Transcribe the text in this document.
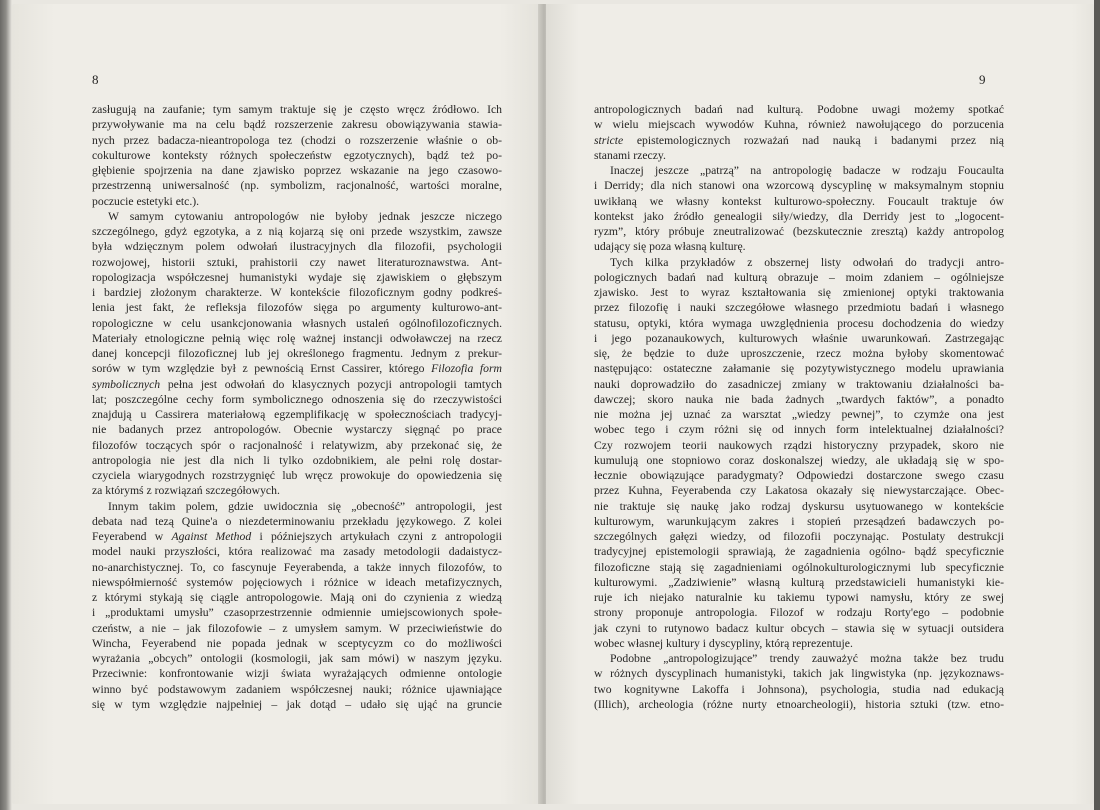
8
zasługują na zaufanie; tym samym traktuje się je często wręcz źródłowo. Ich
przywoływanie ma na celu bądź rozszerzenie zakresu obowiązywania stawia-
nych przez badacza-nieantropologa tez (chodzi o rozszerzenie właśnie o ob-
cokulturowe konteksty różnych społeczeństw egzotycznych), bądź też po-
głębienie spojrzenia na dane zjawisko poprzez wskazanie na jego czasowo-
przestrzenną uniwersalność (np. symbolizm, racjonalność, wartości moralne,
poczucie estetyki etc.).
W samym cytowaniu antropologów nie byłoby jednak jeszcze niczego
szczególnego, gdyż egzotyka, a z nią kojarzą się oni przede wszystkim, zawsze
była wdzięcznym polem odwołań ilustracyjnych dla filozofii, psychologii
rozwojowej, historii sztuki, prahistorii czy nawet literaturoznawstwa. Ant-
ropologizacja współczesnej humanistyki wydaje się zjawiskiem o głębszym
i bardziej złożonym charakterze. W kontekście filozoficznym godny podkreś-
lenia jest fakt, że refleksja filozofów sięga po argumenty kulturowo-ant-
ropologiczne w celu usankcjonowania własnych ustaleń ogólnofilozoficznych.
Materiały etnologiczne pełnią więc rolę ważnej instancji odwoławczej na rzecz
danej koncepcji filozoficznej lub jej określonego fragmentu. Jednym z prekur-
sorów w tym względzie był z pewnością Ernst Cassirer, którego Filozofia form
symbolicznych pełna jest odwołań do klasycznych pozycji antropologii tamtych
lat; poszczególne cechy form symbolicznego odnoszenia się do rzeczywistości
znajdują u Cassirera materiałową egzemplifikację w społecznościach tradycyj-
nie badanych przez antropologów. Obecnie wystarczy sięgnąć po prace
filozofów toczących spór o racjonalność i relatywizm, aby przekonać się, że
antropologia nie jest dla nich li tylko ozdobnikiem, ale pełni rolę dostar-
czyciela wiarygodnych rozstrzygnięć lub wręcz prowokuje do opowiedzenia się
za którymś z rozwiązań szczegółowych.
Innym takim polem, gdzie uwidocznia się „obecność” antropologii, jest
debata nad tezą Quine'a o niezdeterminowaniu przekładu językowego. Z kolei
Feyerabend w Against Method i późniejszych artykułach czyni z antropologii
model nauki przyszłości, która realizować ma zasady metodologii dadaistycz-
no-anarchistycznej. To, co fascynuje Feyerabenda, a także innych filozofów, to
niewspółmierność systemów pojęciowych i różnice w ideach metafizycznych,
z którymi stykają się ciągle antropologowie. Mają oni do czynienia z wiedzą
i „produktami umysłu” czasoprzestrzennie odmiennie umiejscowionych społe-
czeństw, a nie – jak filozofowie – z umysłem samym. W przeciwieństwie do
Wincha, Feyerabend nie popada jednak w sceptycyzm co do możliwości
wyrażania „obcych” ontologii (kosmologii, jak sam mówi) w naszym języku.
Przeciwnie: konfrontowanie wizji świata wyrażających odmienne ontologie
winno być podstawowym zadaniem współczesnej nauki; różnice ujawniające
się w tym względzie najpełniej – jak dotąd – udało się ująć na gruncie
9
antropologicznych badań nad kulturą. Podobne uwagi możemy spotkać
w wielu miejscach wywodów Kuhna, również nawołującego do porzucenia
stricte epistemologicznych rozważań nad nauką i badanymi przez nią
stanami rzeczy.
Inaczej jeszcze „patrzą” na antropologię badacze w rodzaju Foucaulta
i Derridy; dla nich stanowi ona wzorcową dyscyplinę w maksymalnym stopniu
uwikłaną we własny kontekst kulturowo-społeczny. Foucault traktuje ów
kontekst jako źródło genealogii siły/wiedzy, dla Derridy jest to „logocent-
ryzm”, który próbuje zneutralizować (bezskutecznie zresztą) każdy antropolog
udający się poza własną kulturę.
Tych kilka przykładów z obszernej listy odwołań do tradycji antro-
pologicznych badań nad kulturą obrazuje – moim zdaniem – ogólniejsze
zjawisko. Jest to wyraz kształtowania się zmienionej optyki traktowania
przez filozofię i nauki szczegółowe własnego przedmiotu badań i własnego
statusu, optyki, która wymaga uwzględnienia procesu dochodzenia do wiedzy
i jego pozanaukowych, kulturowych właśnie uwarunkowań. Zastrzegając
się, że będzie to duże uproszczenie, rzecz można byłoby skomentować
następująco: ostateczne załamanie się pozytywistycznego modelu uprawiania
nauki doprowadziło do zasadniczej zmiany w traktowaniu działalności ba-
dawczej; skoro nauka nie bada żadnych „twardych faktów”, a ponadto
nie można jej uznać za warsztat „wiedzy pewnej”, to czymże ona jest
wobec tego i czym różni się od innych form intelektualnej działalności?
Czy rozwojem teorii naukowych rządzi historyczny przypadek, skoro nie
kumulują one stopniowo coraz doskonalszej wiedzy, ale układają się w spo-
łecznie obowiązujące paradygmaty? Odpowiedzi dostarczone swego czasu
przez Kuhna, Feyerabenda czy Lakatosa okazały się niewystarczające. Obec-
nie traktuje się naukę jako rodzaj dyskursu usytuowanego w kontekście
kulturowym, warunkującym zakres i stopień przesądzeń badawczych po-
szczególnych gałęzi wiedzy, od filozofii poczynając. Postulaty destrukcji
tradycyjnej epistemologii sprawiają, że zagadnienia ogólno- bądź specyficznie
filozoficzne stają się zagadnieniami ogólnokulturologicznymi lub specyficznie
kulturowymi. „Zadziwienie” własną kulturą przedstawicieli humanistyki kie-
ruje ich niejako naturalnie ku takiemu typowi namysłu, który ze swej
strony proponuje antropologia. Filozof w rodzaju Rorty'ego – podobnie
jak czyni to rutynowo badacz kultur obcych – stawia się w sytuacji outsidera
wobec własnej kultury i dyscypliny, którą reprezentuje.
Podobne „antropologizujące” trendy zauważyć można także bez trudu
w różnych dyscyplinach humanistyki, takich jak lingwistyka (np. językoznaws-
two kognitywne Lakoffa i Johnsona), psychologia, studia nad edukacją
(Illich), archeologia (różne nurty etnoarcheologii), historia sztuki (tzw. etno-
